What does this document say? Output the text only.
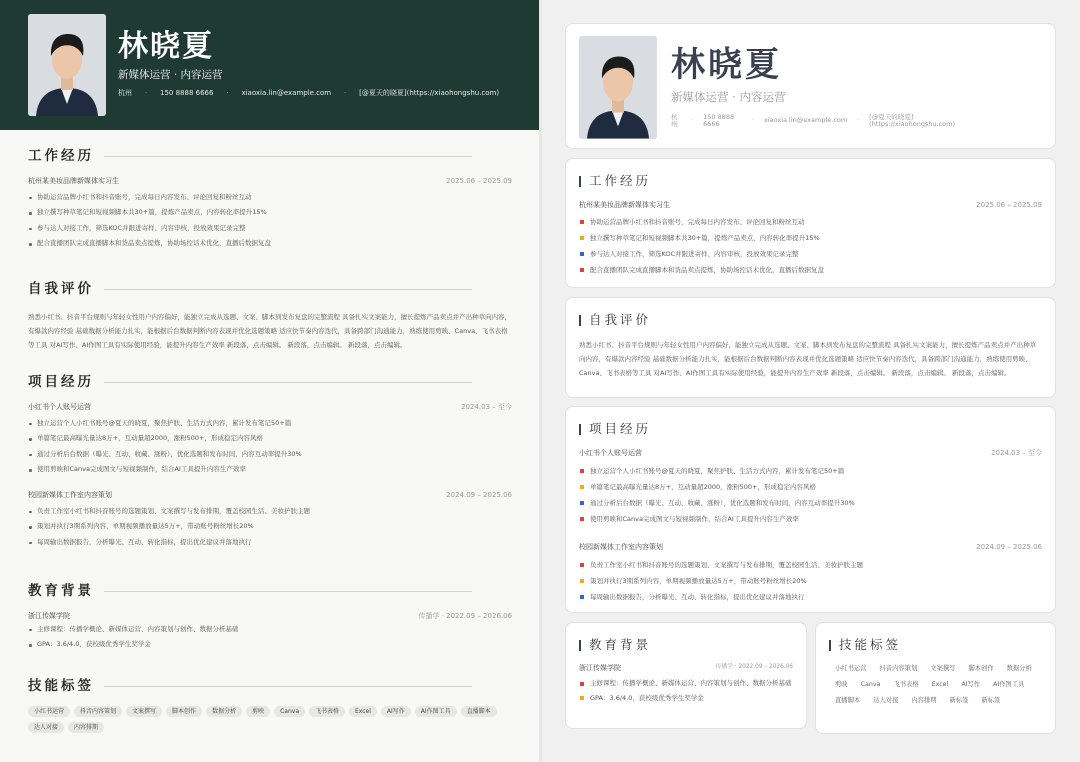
林晓夏
新媒体运营 · 内容运营
杭州	·	150 8888 6666	·	xiaoxia.lin@example.com	·	[@夏天的晓夏](https://xiaohongshu.com)
工作经历
杭州某美妆品牌新媒体实习生	2025.06 – 2025.09
协助运营品牌小红书和抖音账号，完成每日内容发布、评论回复和粉丝互动
独立撰写种草笔记和短视频脚本共30+篇，提炼产品卖点，内容转化率提升15%
参与达人对接工作，筛选KOC并跟进寄样、内容审核，投放效果记录完整
配合直播团队完成直播脚本和货品卖点提炼，协助场控话术优化，直播后数据复盘
自我评价
熟悉小红书、抖音平台规则与年轻女性用户内容偏好，能独立完成从选题、文案、脚本到发布复盘的完整流程 具备扎实文案能力，擅长提炼产品卖点并产出种草向内容，有爆款内容经验 基础数据分析能力扎实，能根据后台数据判断内容表现并优化选题策略 适应快节奏内容迭代，具备跨部门沟通能力，熟练使用剪映、Canva、飞书表格等工具 对AI写作、AI作图工具有实际使用经验，能提升内容生产效率 新段落，点击编辑。 新段落，点击编辑。 新段落，点击编辑。
项目经历
小红书个人账号运营	2024.03 – 至今
独立运营个人小红书账号@夏天的晓夏，聚焦护肤、生活方式内容，累计发布笔记50+篇
单篇笔记最高曝光量达8万+，互动量超2000，涨粉500+，形成稳定内容风格
通过分析后台数据（曝光、互动、收藏、涨粉），优化选题和发布时间，内容互动率提升30%
使用剪映和Canva完成图文与短视频制作，结合AI工具提升内容生产效率
校园新媒体工作室内容策划	2024.09 – 2025.06
负责工作室小红书和抖音账号的选题策划、文案撰写与发布排期，覆盖校园生活、美妆护肤主题
策划并执行3期系列内容，单期视频播放量达5万+，带动账号粉丝增长20%
每周输出数据报告，分析曝光、互动、转化指标，提出优化建议并落地执行
教育背景
浙江传媒学院	传播学 · 2022.09 – 2026.06
主修课程：传播学概论、新媒体运营、内容策划与创作、数据分析基础
GPA：3.6/4.0，获校级优秀学生奖学金
技能标签
小红书运营	抖音内容策划	文案撰写	脚本创作	数据分析	剪映	Canva	飞书表格	Excel	AI写作	AI作图工具	直播脚本
达人对接	内容排期
林晓夏
新媒体运营 · 内容运营
杭州	·	150 8888 6666	·	xiaoxia.lin@example.com	·	[@夏天的晓夏](https://xiaohongshu.com)
工作经历
杭州某美妆品牌新媒体实习生	2025.06 – 2025.09
协助运营品牌小红书和抖音账号，完成每日内容发布、评论回复和粉丝互动
独立撰写种草笔记和短视频脚本共30+篇，提炼产品卖点，内容转化率提升15%
参与达人对接工作，筛选KOC并跟进寄样、内容审核，投放效果记录完整
配合直播团队完成直播脚本和货品卖点提炼，协助场控话术优化，直播后数据复盘
自我评价
熟悉小红书、抖音平台规则与年轻女性用户内容偏好，能独立完成从选题、文案、脚本到发布复盘的完整流程 具备扎实文案能力，擅长提炼产品卖点并产出种草向内容，有爆款内容经验 基础数据分析能力扎实，能根据后台数据判断内容表现并优化选题策略 适应快节奏内容迭代，具备跨部门沟通能力，熟练使用剪映、Canva、飞书表格等工具 对AI写作、AI作图工具有实际使用经验，能提升内容生产效率 新段落，点击编辑。 新段落，点击编辑。 新段落，点击编辑。
项目经历
小红书个人账号运营	2024.03 – 至今
独立运营个人小红书账号@夏天的晓夏，聚焦护肤、生活方式内容，累计发布笔记50+篇
单篇笔记最高曝光量达8万+，互动量超2000，涨粉500+，形成稳定内容风格
通过分析后台数据（曝光、互动、收藏、涨粉），优化选题和发布时间，内容互动率提升30%
使用剪映和Canva完成图文与短视频制作，结合AI工具提升内容生产效率
校园新媒体工作室内容策划	2024.09 – 2025.06
负责工作室小红书和抖音账号的选题策划、文案撰写与发布排期，覆盖校园生活、美妆护肤主题
策划并执行3期系列内容，单期视频播放量达5万+，带动账号粉丝增长20%
每周输出数据报告，分析曝光、互动、转化指标，提出优化建议并落地执行
教育背景
浙江传媒学院	传播学 · 2022.09 – 2026.06
主修课程：传播学概论、新媒体运营、内容策划与创作、数据分析基础
GPA：3.6/4.0，获校级优秀学生奖学金
技能标签
小红书运营 抖音内容策划 文案撰写 脚本创作 数据分析
剪映 Canva 飞书表格 Excel AI写作 AI作图工具
直播脚本 达人对接 内容排期 新标签 新标签
